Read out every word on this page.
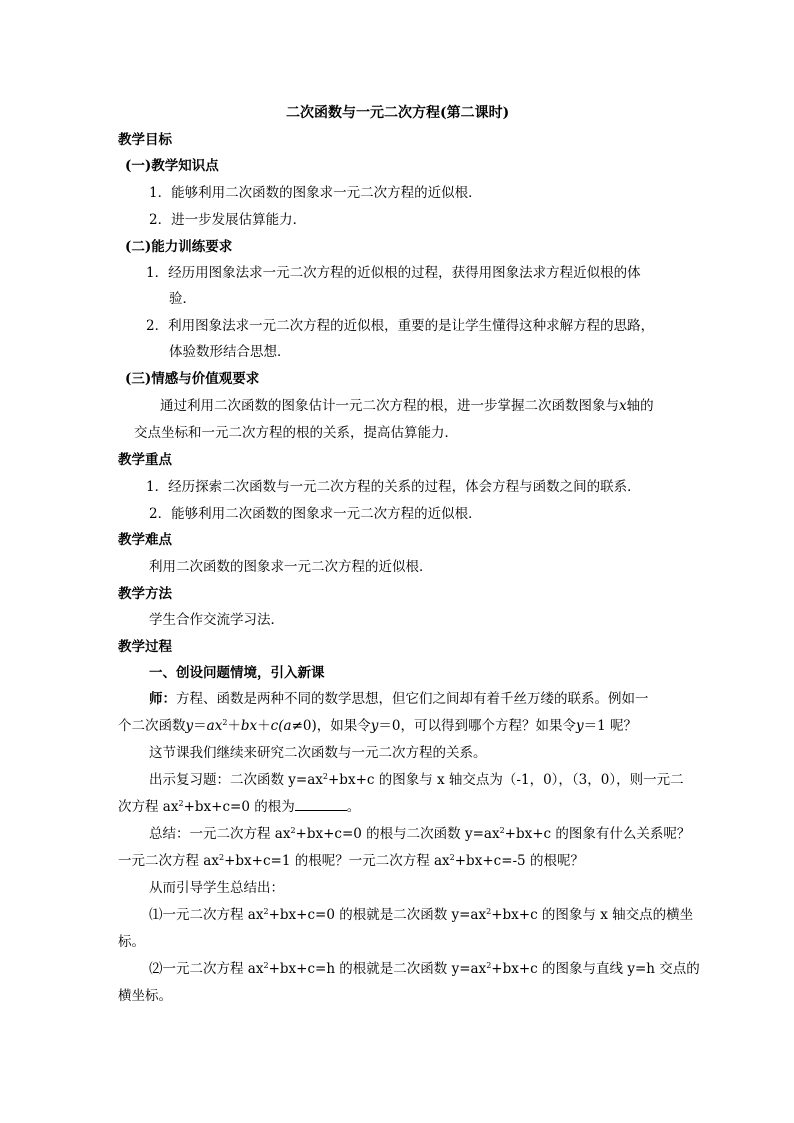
二次函数与一元二次方程(第二课时)
教学目标
(一)教学知识点
1．能够利用二次函数的图象求一元二次方程的近似根．
2．进一步发展估算能力．
(二)能力训练要求
1．经历用图象法求一元二次方程的近似根的过程，获得用图象法求方程近似根的体
验．
2．利用图象法求一元二次方程的近似根，重要的是让学生懂得这种求解方程的思路，
体验数形结合思想．
(三)情感与价值观要求
通过利用二次函数的图象估计一元二次方程的根，进一步掌握二次函数图象与x轴的
交点坐标和一元二次方程的根的关系，提高估算能力．
教学重点
1．经历探索二次函数与一元二次方程的关系的过程，体会方程与函数之间的联系．
2．能够利用二次函数的图象求一元二次方程的近似根．
教学难点
利用二次函数的图象求一元二次方程的近似根．
教学方法
学生合作交流学习法．
教学过程
一、创设问题情境，引入新课
师：方程、函数是两种不同的数学思想，但它们之间却有着千丝万缕的联系。例如一
个二次函数$y=ax^2+bx+c(a\ne 0)$，如果令y＝0，可以得到哪个方程？如果令y＝1 呢？
这节课我们继续来研究二次函数与一元二次方程的关系。
出示复习题：二次函数 $y=ax^2+bx+c$ 的图象与 x 轴交点为（-1，0），（3，0），则一元二
次方程 $ax^2+bx+c=0$ 的根为	。
总结：一元二次方程 $ax^2+bx+c=0$ 的根与二次函数 $y=ax^2+bx+c$ 的图象有什么关系呢？
一元二次方程 $ax^2+bx+c=1$ 的根呢？一元二次方程 $ax^2+bx+c=-5$ 的根呢？
从而引导学生总结出：
⑴一元二次方程 $ax^2+bx+c=0$ 的根就是二次函数 $y=ax^2+bx+c$ 的图象与 x 轴交点的横坐
标。
⑵一元二次方程 $ax^2+bx+c=h$ 的根就是二次函数 $y=ax^2+bx+c$ 的图象与直线 y=h 交点的
横坐标。
